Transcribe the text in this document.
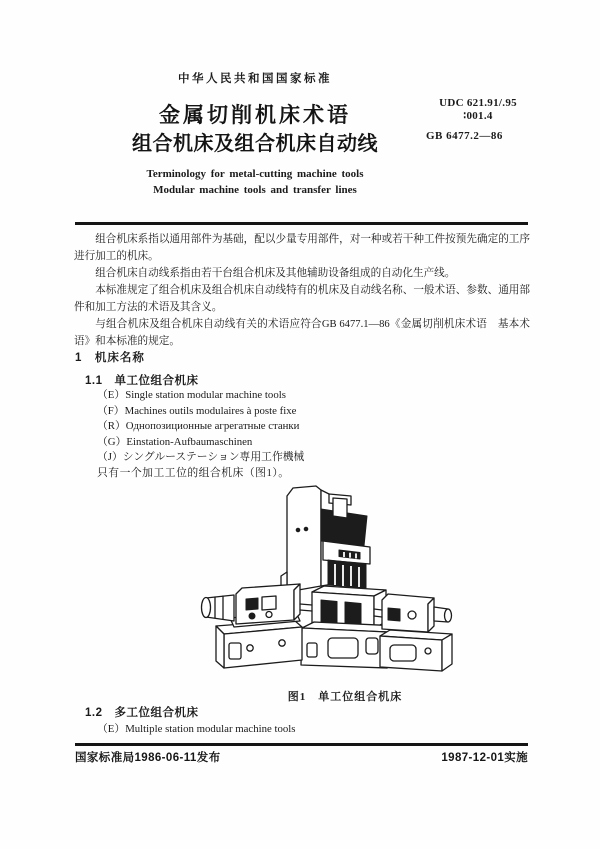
中华人民共和国国家标准
金属切削机床术语
组合机床及组合机床自动线
UDC 621.91/.95
∶001.4
GB 6477.2—86
Terminology for metal-cutting machine tools
Modular machine tools and transfer lines

组合机床系指以通用部件为基础，配以少量专用部件，对一种或若干种工件按预先确定的工序进行加工的机床。

组合机床自动线系指由若干台组合机床及其他辅助设备组成的自动化生产线。

本标准规定了组合机床及组合机床自动线特有的机床及自动线名称、一般术语、参数、通用部件和加工方法的术语及其含义。

与组合机床及组合机床自动线有关的术语应符合GB 6477.1—86《金属切削机床术语　基本术语》和本标准的规定。

1　机床名称
1.1　单工位组合机床
（E）Single station modular machine tools
（F）Machines outils modulaires à poste fixe
（R）Однопозиционные агрегатные станки
（G）Einstation-Aufbaumaschinen
（J）シングルーステーション専用工作機械
只有一个加工工位的组合机床（图1）。
图1　单工位组合机床
1.2　多工位组合机床
（E）Multiple station modular machine tools
国家标准局1986-06-11发布	1987-12-01实施
